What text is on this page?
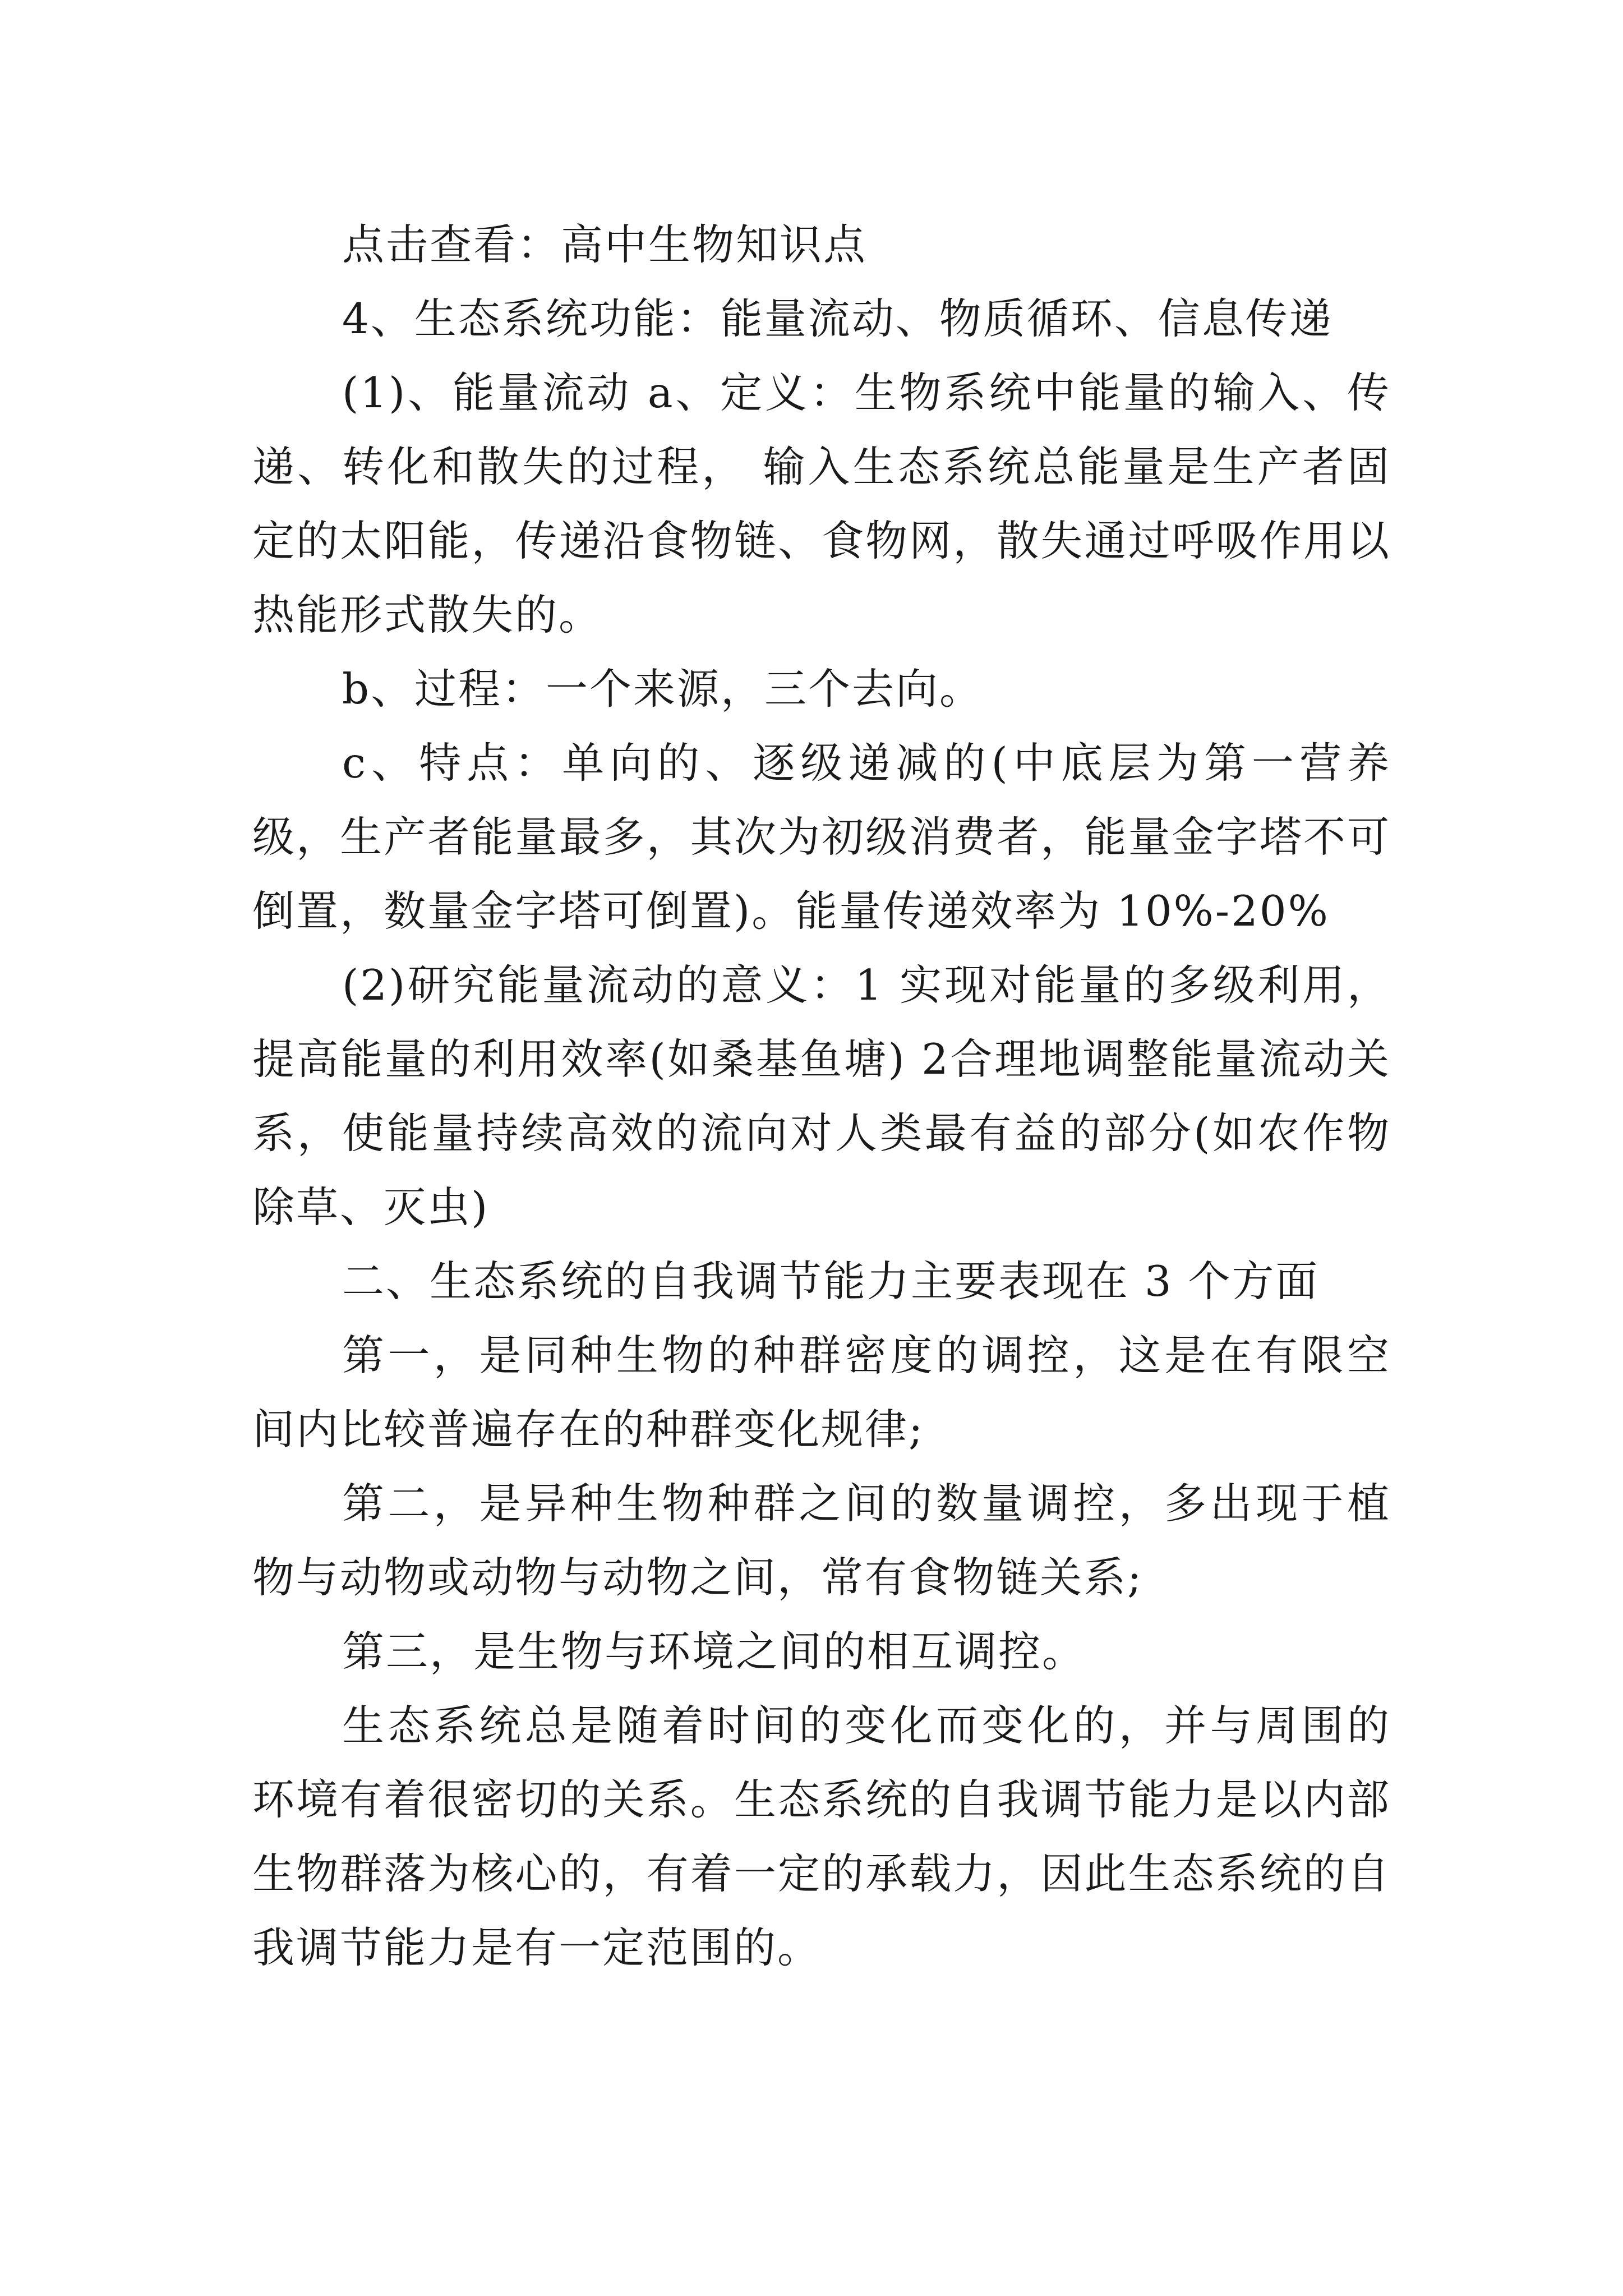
点击查看：高中生物知识点

4、生态系统功能：能量流动、物质循环、信息传递

(1)、能量流动 a、定义：生物系统中能量的输入、传递、转化和散失的过程， 输入生态系统总能量是生产者固定的太阳能，传递沿食物链、食物网，散失通过呼吸作用以热能形式散失的。

b、过程：一个来源，三个去向。

c、特点：单向的、逐级递减的(中底层为第一营养级，生产者能量最多，其次为初级消费者，能量金字塔不可倒置，数量金字塔可倒置)。能量传递效率为 10%-20%

(2)研究能量流动的意义：1 实现对能量的多级利用，提高能量的利用效率(如桑基鱼塘) 2合理地调整能量流动关系，使能量持续高效的流向对人类最有益的部分(如农作物除草、灭虫)

二、生态系统的自我调节能力主要表现在 3 个方面

第一，是同种生物的种群密度的调控，这是在有限空间内比较普遍存在的种群变化规律;

第二，是异种生物种群之间的数量调控，多出现于植物与动物或动物与动物之间，常有食物链关系;

第三，是生物与环境之间的相互调控。

生态系统总是随着时间的变化而变化的，并与周围的环境有着很密切的关系。生态系统的自我调节能力是以内部生物群落为核心的，有着一定的承载力，因此生态系统的自我调节能力是有一定范围的。
